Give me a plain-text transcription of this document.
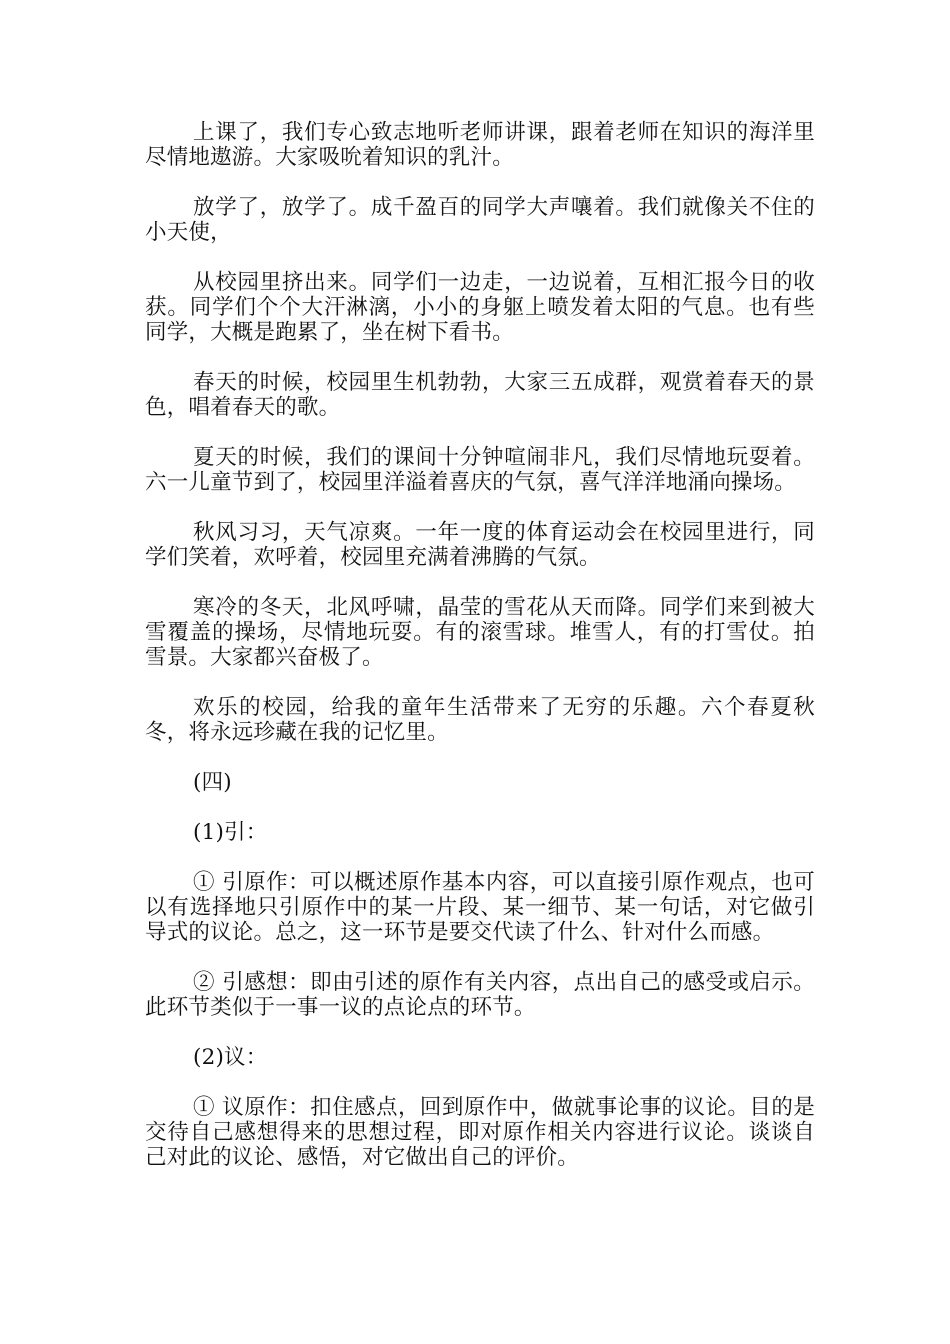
上课了，我们专心致志地听老师讲课，跟着老师在知识的海洋里尽情地遨游。大家吸吮着知识的乳汁。

放学了，放学了。成千盈百的同学大声嚷着。我们就像关不住的小天使，

从校园里挤出来。同学们一边走，一边说着，互相汇报今日的收获。同学们个个大汗淋漓，小小的身躯上喷发着太阳的气息。也有些同学，大概是跑累了，坐在树下看书。

春天的时候，校园里生机勃勃，大家三五成群，观赏着春天的景色，唱着春天的歌。

夏天的时候，我们的课间十分钟喧闹非凡，我们尽情地玩耍着。六一儿童节到了，校园里洋溢着喜庆的气氛，喜气洋洋地涌向操场。

秋风习习，天气凉爽。一年一度的体育运动会在校园里进行，同学们笑着，欢呼着，校园里充满着沸腾的气氛。

寒冷的冬天，北风呼啸，晶莹的雪花从天而降。同学们来到被大雪覆盖的操场，尽情地玩耍。有的滚雪球。堆雪人，有的打雪仗。拍雪景。大家都兴奋极了。

欢乐的校园，给我的童年生活带来了无穷的乐趣。六个春夏秋冬，将永远珍藏在我的记忆里。

(四)

(1)引：

① 引原作：可以概述原作基本内容，可以直接引原作观点，也可以有选择地只引原作中的某一片段、某一细节、某一句话，对它做引导式的议论。总之，这一环节是要交代读了什么、针对什么而感。

② 引感想：即由引述的原作有关内容，点出自己的感受或启示。此环节类似于一事一议的点论点的环节。

(2)议：

① 议原作：扣住感点，回到原作中，做就事论事的议论。目的是交待自己感想得来的思想过程，即对原作相关内容进行议论。谈谈自己对此的议论、感悟，对它做出自己的评价。
